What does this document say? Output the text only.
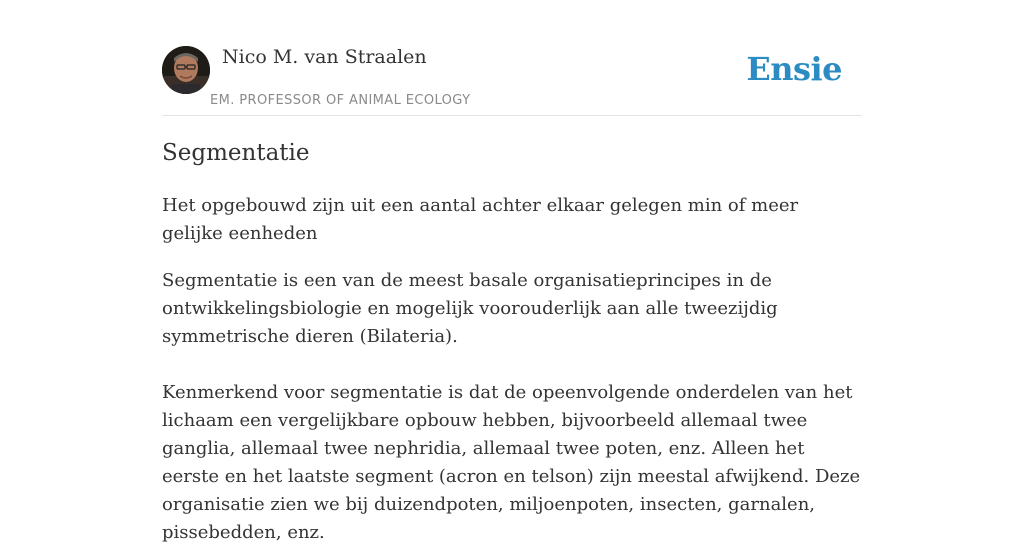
Nico M. van Straalen
EM. PROFESSOR OF ANIMAL ECOLOGY
Ensie
Segmentatie

Het opgebouwd zijn uit een aantal achter elkaar gelegen min of meer gelijke eenheden

Segmentatie is een van de meest basale organisatieprincipes in de ontwikkelingsbiologie en mogelijk voorouderlijk aan alle tweezijdig symmetrische dieren (Bilateria).

Kenmerkend voor segmentatie is dat de opeenvolgende onderdelen van het lichaam een vergelijkbare opbouw hebben, bijvoorbeeld allemaal twee ganglia, allemaal twee nephridia, allemaal twee poten, enz. Alleen het eerste en het laatste segment (acron en telson) zijn meestal afwijkend. Deze organisatie zien we bij duizendpoten, miljoenpoten, insecten, garnalen, pissebedden, enz.
